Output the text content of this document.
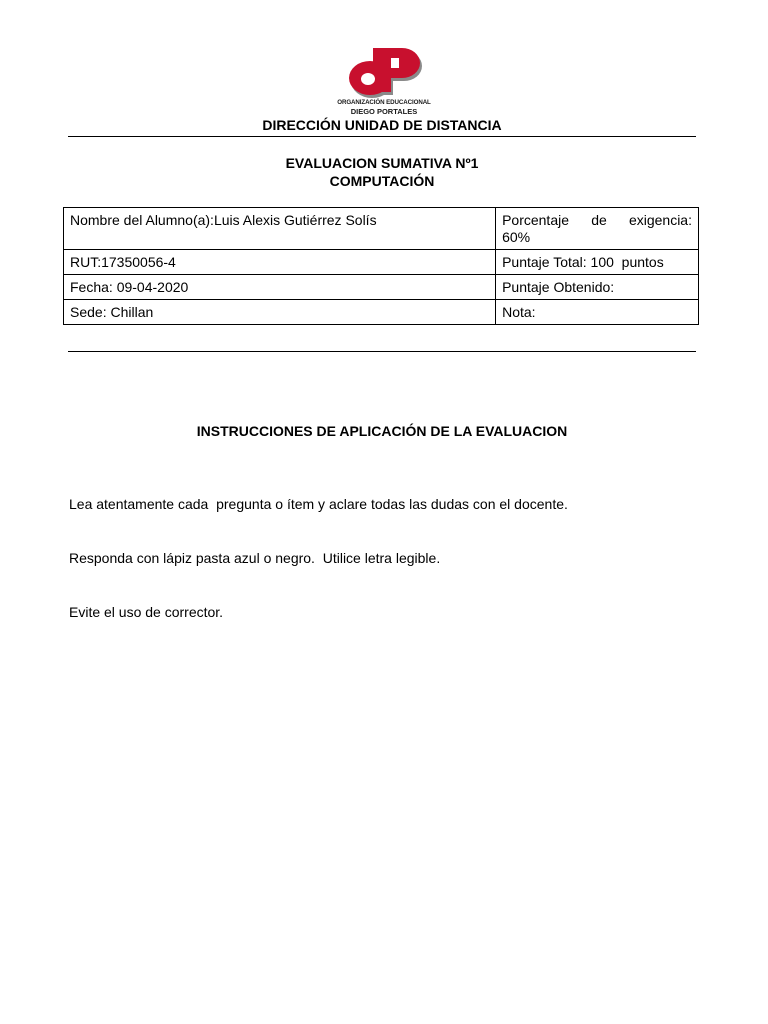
ORGANIZACIÓN EDUCACIONAL
DIEGO PORTALES
DIRECCIÓN UNIDAD DE DISTANCIA
EVALUACION SUMATIVA Nº1
COMPUTACIÓN
Nombre del Alumno(a):Luis Alexis Gutiérrez Solís	Porcentaje de exigencia:
60%

RUT:17350056-4	Puntaje Total: 100  puntos
Fecha: 09-04-2020	Puntaje Obtenido:
Sede: Chillan	Nota:
INSTRUCCIONES DE APLICACIÓN DE LA EVALUACION

Lea atentamente cada  pregunta o ítem y aclare todas las dudas con el docente.

Responda con lápiz pasta azul o negro.  Utilice letra legible.

Evite el uso de corrector.
